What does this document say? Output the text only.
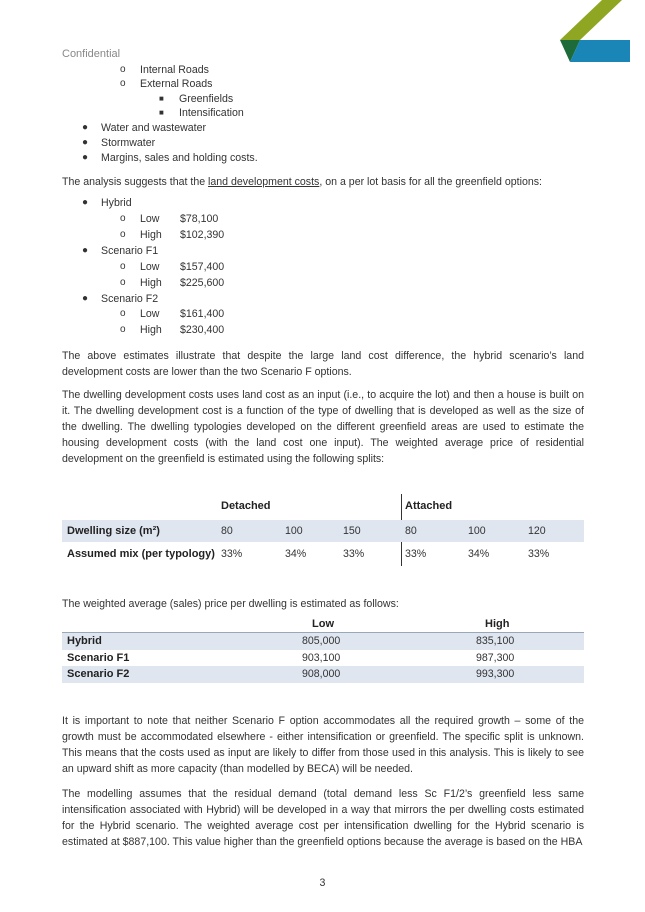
Confidential
o Internal Roads
o External Roads
■ Greenfields
■ Intensification
● Water and wastewater
● Stormwater
● Margins, sales and holding costs.
The analysis suggests that the land development costs, on a per lot basis for all the greenfield options:
● Hybrid
o Low $78,100
o High $102,390
● Scenario F1
o Low $157,400
o High $225,600
● Scenario F2
o Low $161,400
o High $230,400
The above estimates illustrate that despite the large land cost difference, the hybrid scenario’s land development costs are lower than the two Scenario F options.
The dwelling development costs uses land cost as an input (i.e., to acquire the lot) and then a house is built on it. The dwelling development cost is a function of the type of dwelling that is developed as well as the size of the dwelling. The dwelling typologies developed on the different greenfield areas are used to estimate the housing development costs (with the land cost one input). The weighted average price of residential development on the greenfield is estimated using the following splits:
Detached	Attached
Dwelling size (m²)	80	100	150	80	100	120
Assumed mix (per typology) 33%	34%	33%	33%	34%	33%
The weighted average (sales) price per dwelling is estimated as follows:
Low	High
Hybrid	805,000	835,100
Scenario F1	903,100	987,300
Scenario F2	908,000	993,300
It is important to note that neither Scenario F option accommodates all the required growth – some of the growth must be accommodated elsewhere - either intensification or greenfield. The specific split is unknown. This means that the costs used as input are likely to differ from those used in this analysis. This is likely to see an upward shift as more capacity (than modelled by BECA) will be needed.
The modelling assumes that the residual demand (total demand less Sc F1/2’s greenfield less same intensification associated with Hybrid) will be developed in a way that mirrors the per dwelling costs estimated for the Hybrid scenario. The weighted average cost per intensification dwelling for the Hybrid scenario is estimated at $887,100. This value higher than the greenfield options because the average is based on the HBA
3
